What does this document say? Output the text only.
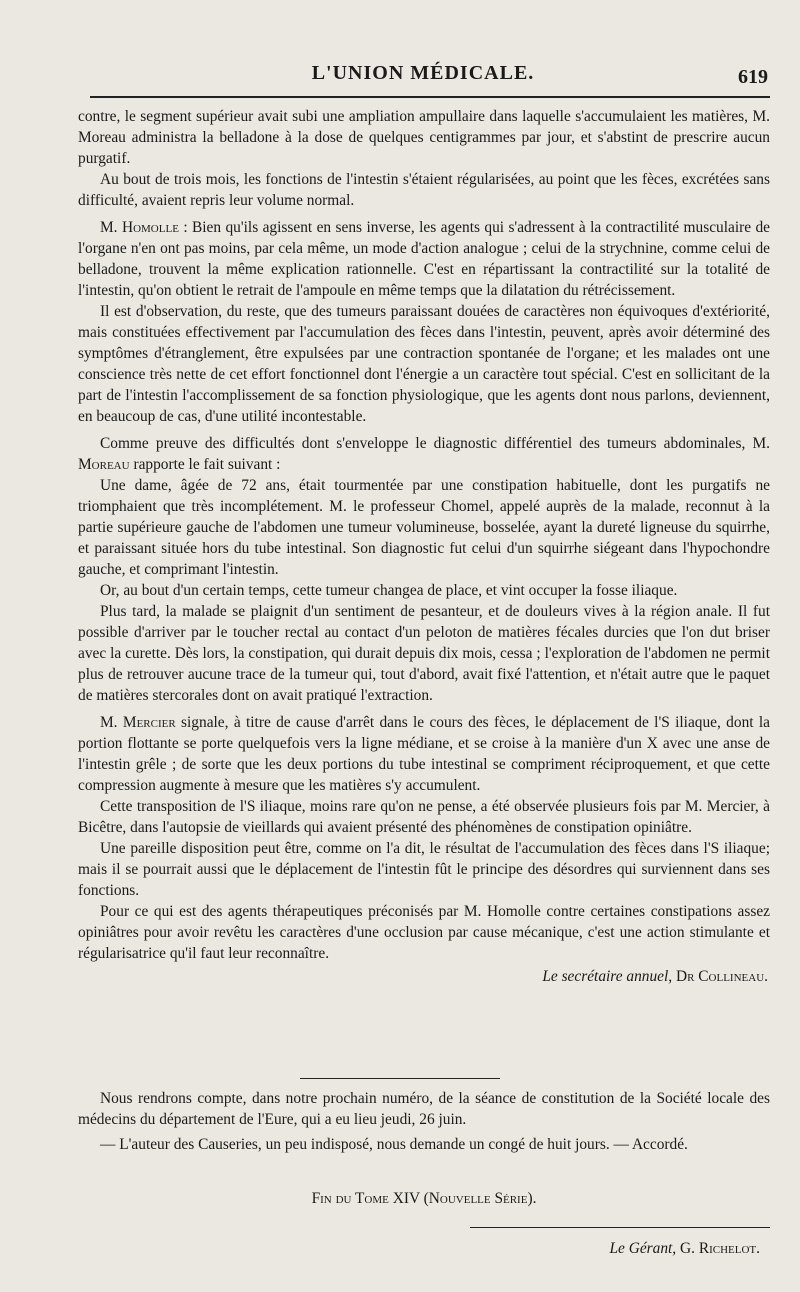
L'UNION MÉDICALE.	619

contre, le segment supérieur avait subi une ampliation ampullaire dans laquelle s'accumulaient les matières, M. Moreau administra la belladone à la dose de quelques centigrammes par jour, et s'abstint de prescrire aucun purgatif.

Au bout de trois mois, les fonctions de l'intestin s'étaient régularisées, au point que les fèces, excrétées sans difficulté, avaient repris leur volume normal.

M. Homolle : Bien qu'ils agissent en sens inverse, les agents qui s'adressent à la contractilité musculaire de l'organe n'en ont pas moins, par cela même, un mode d'action analogue ; celui de la strychnine, comme celui de belladone, trouvent la même explication rationnelle. C'est en répartissant la contractilité sur la totalité de l'intestin, qu'on obtient le retrait de l'ampoule en même temps que la dilatation du rétrécissement.

Il est d'observation, du reste, que des tumeurs paraissant douées de caractères non équivoques d'extériorité, mais constituées effectivement par l'accumulation des fèces dans l'intestin, peuvent, après avoir déterminé des symptômes d'étranglement, être expulsées par une contraction spontanée de l'organe; et les malades ont une conscience très nette de cet effort fonctionnel dont l'énergie a un caractère tout spécial. C'est en sollicitant de la part de l'intestin l'accomplissement de sa fonction physiologique, que les agents dont nous parlons, deviennent, en beaucoup de cas, d'une utilité incontestable.

Comme preuve des difficultés dont s'enveloppe le diagnostic différentiel des tumeurs abdominales, M. Moreau rapporte le fait suivant :

Une dame, âgée de 72 ans, était tourmentée par une constipation habituelle, dont les purgatifs ne triomphaient que très incomplétement. M. le professeur Chomel, appelé auprès de la malade, reconnut à la partie supérieure gauche de l'abdomen une tumeur volumineuse, bosselée, ayant la dureté ligneuse du squirrhe, et paraissant située hors du tube intestinal. Son diagnostic fut celui d'un squirrhe siégeant dans l'hypochondre gauche, et comprimant l'intestin.

Or, au bout d'un certain temps, cette tumeur changea de place, et vint occuper la fosse iliaque.

Plus tard, la malade se plaignit d'un sentiment de pesanteur, et de douleurs vives à la région anale. Il fut possible d'arriver par le toucher rectal au contact d'un peloton de matières fécales durcies que l'on dut briser avec la curette. Dès lors, la constipation, qui durait depuis dix mois, cessa ; l'exploration de l'abdomen ne permit plus de retrouver aucune trace de la tumeur qui, tout d'abord, avait fixé l'attention, et n'était autre que le paquet de matières stercorales dont on avait pratiqué l'extraction.

M. Mercier signale, à titre de cause d'arrêt dans le cours des fèces, le déplacement de l'S iliaque, dont la portion flottante se porte quelquefois vers la ligne médiane, et se croise à la manière d'un X avec une anse de l'intestin grêle ; de sorte que les deux portions du tube intestinal se compriment réciproquement, et que cette compression augmente à mesure que les matières s'y accumulent.

Cette transposition de l'S iliaque, moins rare qu'on ne pense, a été observée plusieurs fois par M. Mercier, à Bicêtre, dans l'autopsie de vieillards qui avaient présenté des phénomènes de constipation opiniâtre.

Une pareille disposition peut être, comme on l'a dit, le résultat de l'accumulation des fèces dans l'S iliaque; mais il se pourrait aussi que le déplacement de l'intestin fût le principe des désordres qui surviennent dans ses fonctions.

Pour ce qui est des agents thérapeutiques préconisés par M. Homolle contre certaines constipations assez opiniâtres pour avoir revêtu les caractères d'une occlusion par cause mécanique, c'est une action stimulante et régularisatrice qu'il faut leur reconnaître.

Le secrétaire annuel, Dr Collineau.

Nous rendrons compte, dans notre prochain numéro, de la séance de constitution de la Société locale des médecins du département de l'Eure, qui a eu lieu jeudi, 26 juin.

— L'auteur des Causeries, un peu indisposé, nous demande un congé de huit jours. — Accordé.

Fin du Tome XIV (Nouvelle Série).
Le Gérant, G. Richelot.
